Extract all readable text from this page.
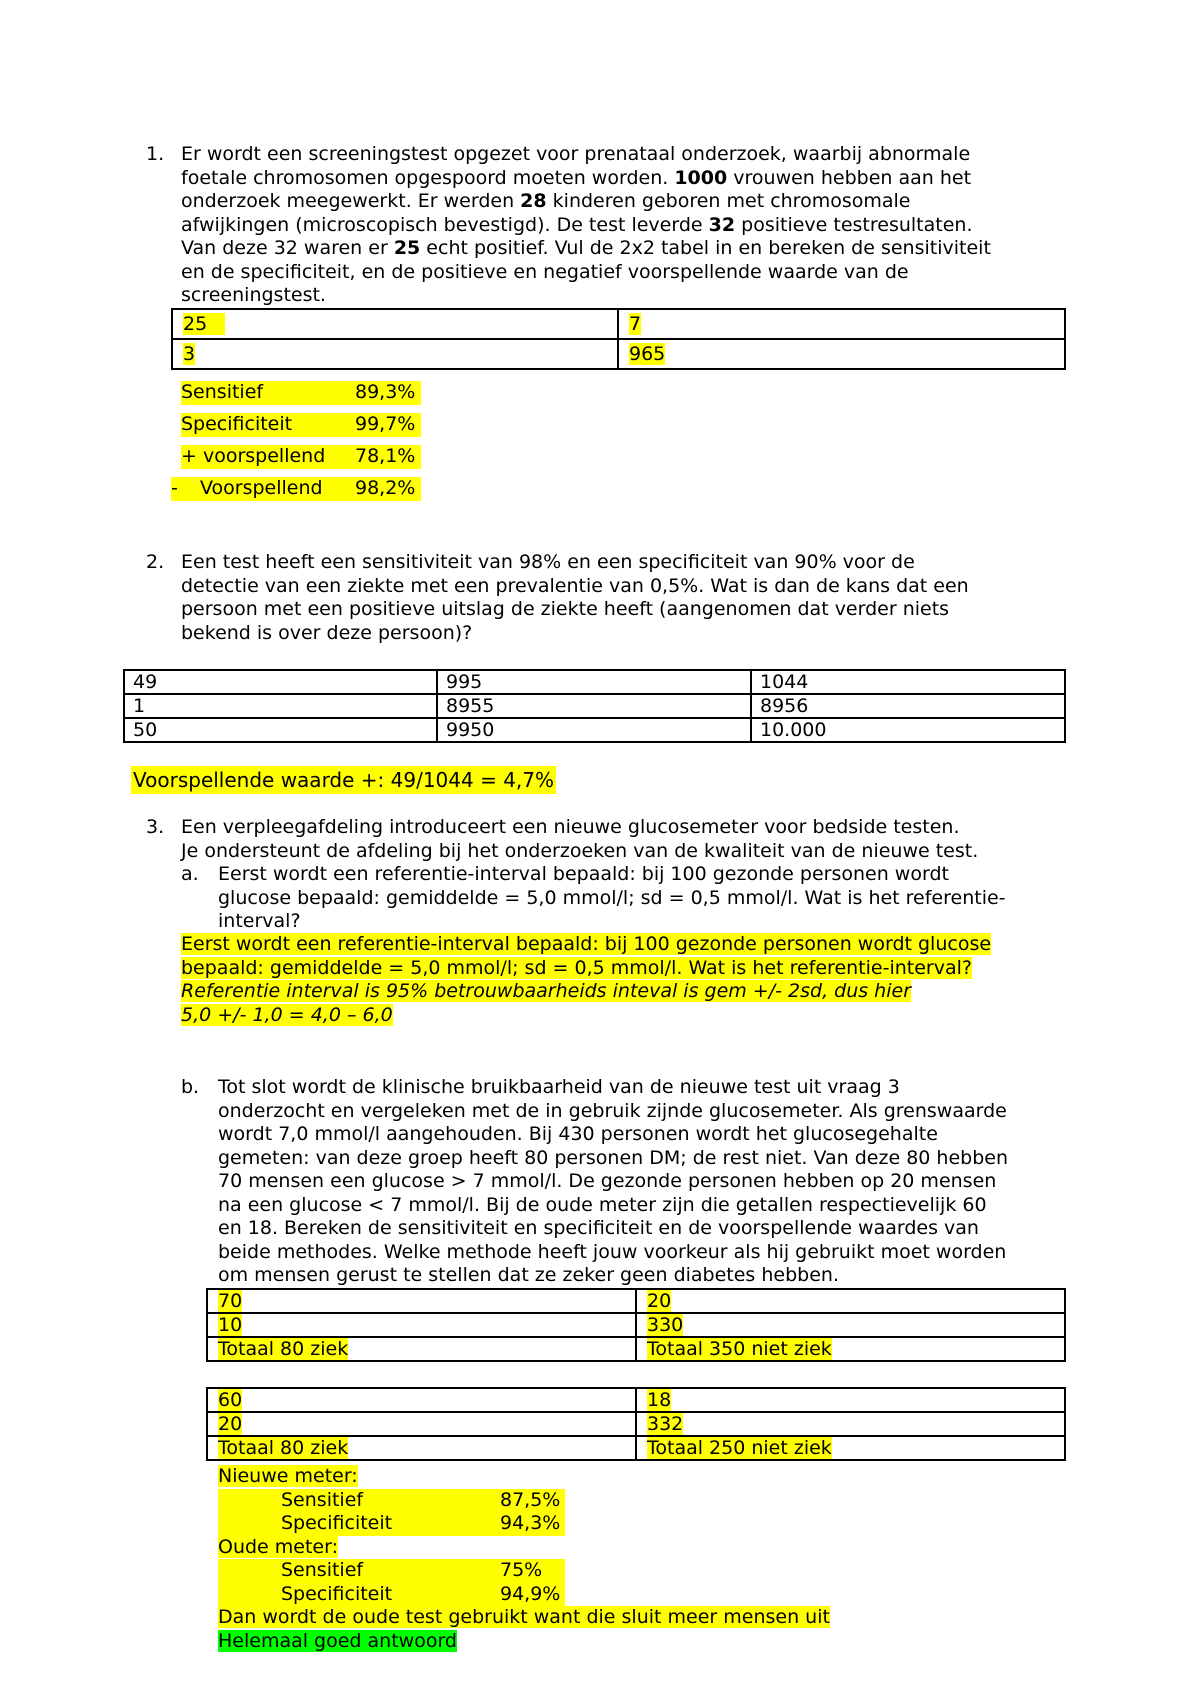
1. Er wordt een screeningstest opgezet voor prenataal onderzoek, waarbij abnormale

foetale chromosomen opgespoord moeten worden. 1000 vrouwen hebben aan het

onderzoek meegewerkt. Er werden 28 kinderen geboren met chromosomale

afwijkingen (microscopisch bevestigd). De test leverde 32 positieve testresultaten.

Van deze 32 waren er 25 echt positief. Vul de 2x2 tabel in en bereken de sensitiviteit

en de specificiteit, en de positieve en negatief voorspellende waarde van de

screeningstest.

25	7
3	965
Sensitief	89,3%
Specificiteit	99,7%
+ voorspellend 78,1%
- Voorspellend 98,2%
2. Een test heeft een sensitiviteit van 98% en een specificiteit van 90% voor de

detectie van een ziekte met een prevalentie van 0,5%. Wat is dan de kans dat een

persoon met een positieve uitslag de ziekte heeft (aangenomen dat verder niets

bekend is over deze persoon)?

49	995	1044
1	8955	8956
50	9950	10.000
Voorspellende waarde +: 49/1044 = 4,7%
3. Een verpleegafdeling introduceert een nieuwe glucosemeter voor bedside testen.

Je ondersteunt de afdeling bij het onderzoeken van de kwaliteit van de nieuwe test.

a. Eerst wordt een referentie-interval bepaald: bij 100 gezonde personen wordt

glucose bepaald: gemiddelde = 5,0 mmol/l; sd = 0,5 mmol/l. Wat is het referentie-

interval?

Eerst wordt een referentie-interval bepaald: bij 100 gezonde personen wordt glucose

bepaald: gemiddelde = 5,0 mmol/l; sd = 0,5 mmol/l. Wat is het referentie-interval?

Referentie interval is 95% betrouwbaarheids inteval is gem +/- 2sd, dus hier

5,0 +/- 1,0 = 4,0 – 6,0

b. Tot slot wordt de klinische bruikbaarheid van de nieuwe test uit vraag 3

onderzocht en vergeleken met de in gebruik zijnde glucosemeter. Als grenswaarde

wordt 7,0 mmol/l aangehouden. Bij 430 personen wordt het glucosegehalte

gemeten: van deze groep heeft 80 personen DM; de rest niet. Van deze 80 hebben

70 mensen een glucose > 7 mmol/l. De gezonde personen hebben op 20 mensen

na een glucose < 7 mmol/l. Bij de oude meter zijn die getallen respectievelijk 60

en 18. Bereken de sensitiviteit en specificiteit en de voorspellende waardes van

beide methodes. Welke methode heeft jouw voorkeur als hij gebruikt moet worden

om mensen gerust te stellen dat ze zeker geen diabetes hebben.

70	20
10	330
Totaal 80 ziek	Totaal 350 niet ziek
60	18
20	332
Totaal 80 ziek	Totaal 250 niet ziek
Nieuwe meter:
Sensitief	87,5%
Specificiteit	94,3%
Oude meter:
Sensitief	75%
Specificiteit	94,9%
Dan wordt de oude test gebruikt want die sluit meer mensen uit
Helemaal goed antwoord
